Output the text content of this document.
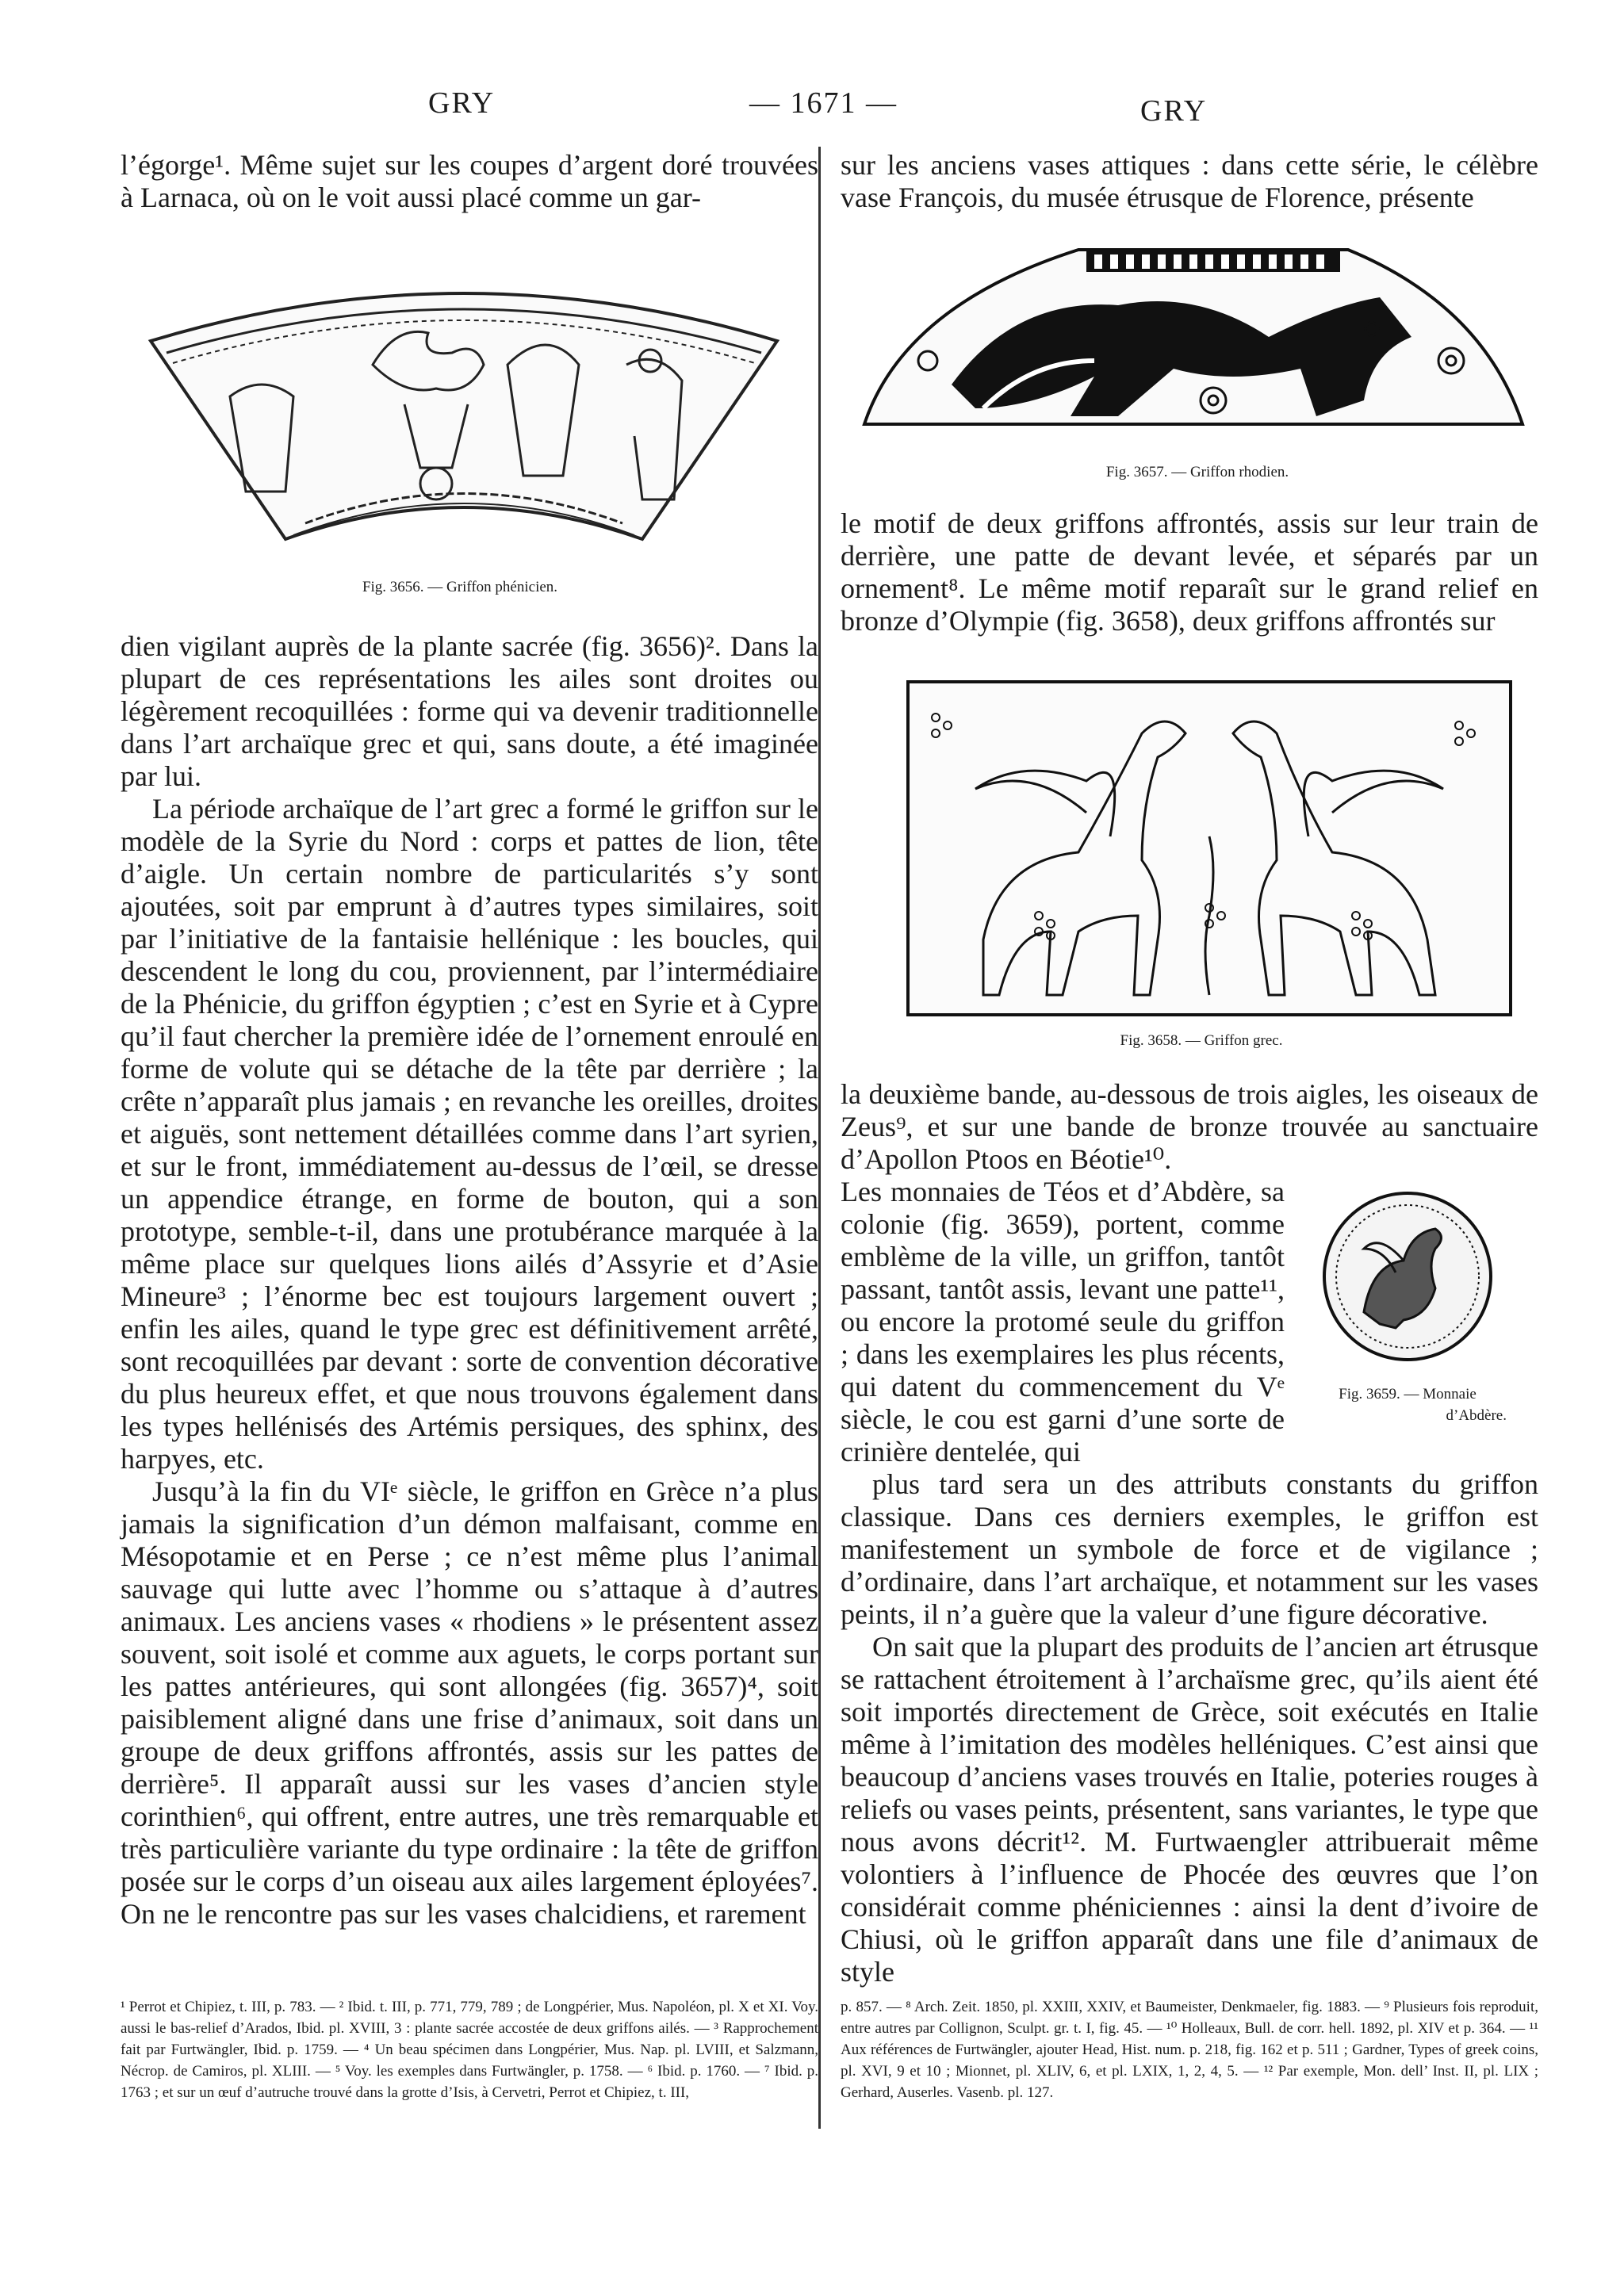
GRY	— 1671 —	GRY

l’égorge¹. Même sujet sur les coupes d’argent doré trouvées à Larnaca, où on le voit aussi placé comme un gar-

Fig. 3656. — Griffon phénicien.

dien vigilant auprès de la plante sacrée (fig. 3656)². Dans la plupart de ces représentations les ailes sont droites ou légèrement recoquillées : forme qui va devenir traditionnelle dans l’art archaïque grec et qui, sans doute, a été imaginée par lui.

La période archaïque de l’art grec a formé le griffon sur le modèle de la Syrie du Nord : corps et pattes de lion, tête d’aigle. Un certain nombre de particularités s’y sont ajoutées, soit par emprunt à d’autres types similaires, soit par l’initiative de la fantaisie hellénique : les boucles, qui descendent le long du cou, proviennent, par l’intermédiaire de la Phénicie, du griffon égyptien ; c’est en Syrie et à Cypre qu’il faut chercher la première idée de l’ornement enroulé en forme de volute qui se détache de la tête par derrière ; la crête n’apparaît plus jamais ; en revanche les oreilles, droites et aiguës, sont nettement détaillées comme dans l’art syrien, et sur le front, immédiatement au-dessus de l’œil, se dresse un appendice étrange, en forme de bouton, qui a son prototype, semble-t-il, dans une protubérance marquée à la même place sur quelques lions ailés d’Assyrie et d’Asie Mineure³ ; l’énorme bec est toujours largement ouvert ; enfin les ailes, quand le type grec est définitivement arrêté, sont recoquillées par devant : sorte de convention décorative du plus heureux effet, et que nous trouvons également dans les types hellénisés des Artémis persiques, des sphinx, des harpyes, etc.

Jusqu’à la fin du VIᵉ siècle, le griffon en Grèce n’a plus jamais la signification d’un démon malfaisant, comme en Mésopotamie et en Perse ; ce n’est même plus l’animal sauvage qui lutte avec l’homme ou s’attaque à d’autres animaux. Les anciens vases « rhodiens » le présentent assez souvent, soit isolé et comme aux aguets, le corps portant sur les pattes antérieures, qui sont allongées (fig. 3657)⁴, soit paisiblement aligné dans une frise d’animaux, soit dans un groupe de deux griffons affrontés, assis sur les pattes de derrière⁵. Il apparaît aussi sur les vases d’ancien style corinthien⁶, qui offrent, entre autres, une très remarquable et très particulière variante du type ordinaire : la tête de griffon posée sur le corps d’un oiseau aux ailes largement éployées⁷. On ne le rencontre pas sur les vases chalcidiens, et rarement

¹ Perrot et Chipiez, t. III, p. 783. — ² Ibid. t. III, p. 771, 779, 789 ; de Longpérier, Mus. Napoléon, pl. X et XI. Voy. aussi le bas-relief d’Arados, Ibid. pl. XVIII, 3 : plante sacrée accostée de deux griffons ailés. — ³ Rapprochement fait par Furtwängler, Ibid. p. 1759. — ⁴ Un beau spécimen dans Longpérier, Mus. Nap. pl. LVIII, et Salzmann, Nécrop. de Camiros, pl. XLIII. — ⁵ Voy. les exemples dans Furtwängler, p. 1758. — ⁶ Ibid. p. 1760. — ⁷ Ibid. p. 1763 ; et sur un œuf d’autruche trouvé dans la grotte d’Isis, à Cervetri, Perrot et Chipiez, t. III,

sur les anciens vases attiques : dans cette série, le célèbre vase François, du musée étrusque de Florence, présente

Fig. 3657. — Griffon rhodien.

le motif de deux griffons affrontés, assis sur leur train de derrière, une patte de devant levée, et séparés par un ornement⁸. Le même motif reparaît sur le grand relief en bronze d’Olympie (fig. 3658), deux griffons affrontés sur

Fig. 3658. — Griffon grec.

la deuxième bande, au-dessous de trois aigles, les oiseaux de Zeus⁹, et sur une bande de bronze trouvée au sanctuaire d’Apollon Ptoos en Béotie¹⁰.

Les monnaies de Téos et d’Abdère, sa colonie (fig. 3659), portent, comme emblème de la ville, un griffon, tantôt passant, tantôt assis, levant une patte¹¹, ou encore la protomé seule du griffon ; dans les exemplaires les plus récents, qui datent du commencement du Vᵉ siècle, le cou est garni d’une sorte de crinière dentelée, qui

Fig. 3659. — Monnaie
d’Abdère.

plus tard sera un des attributs constants du griffon classique. Dans ces derniers exemples, le griffon est manifestement un symbole de force et de vigilance ; d’ordinaire, dans l’art archaïque, et notamment sur les vases peints, il n’a guère que la valeur d’une figure décorative.

On sait que la plupart des produits de l’ancien art étrusque se rattachent étroitement à l’archaïsme grec, qu’ils aient été soit importés directement de Grèce, soit exécutés en Italie même à l’imitation des modèles helléniques. C’est ainsi que beaucoup d’anciens vases trouvés en Italie, poteries rouges à reliefs ou vases peints, présentent, sans variantes, le type que nous avons décrit¹². M. Furtwaengler attribuerait même volontiers à l’influence de Phocée des œuvres que l’on considérait comme phéniciennes : ainsi la dent d’ivoire de Chiusi, où le griffon apparaît dans une file d’animaux de style

p. 857. — ⁸ Arch. Zeit. 1850, pl. XXIII, XXIV, et Baumeister, Denkmaeler, fig. 1883. — ⁹ Plusieurs fois reproduit, entre autres par Collignon, Sculpt. gr. t. I, fig. 45. — ¹⁰ Holleaux, Bull. de corr. hell. 1892, pl. XIV et p. 364. — ¹¹ Aux références de Furtwängler, ajouter Head, Hist. num. p. 218, fig. 162 et p. 511 ; Gardner, Types of greek coins, pl. XVI, 9 et 10 ; Mionnet, pl. XLIV, 6, et pl. LXIX, 1, 2, 4, 5. — ¹² Par exemple, Mon. dell’ Inst. II, pl. LIX ; Gerhard, Auserles. Vasenb. pl. 127.
